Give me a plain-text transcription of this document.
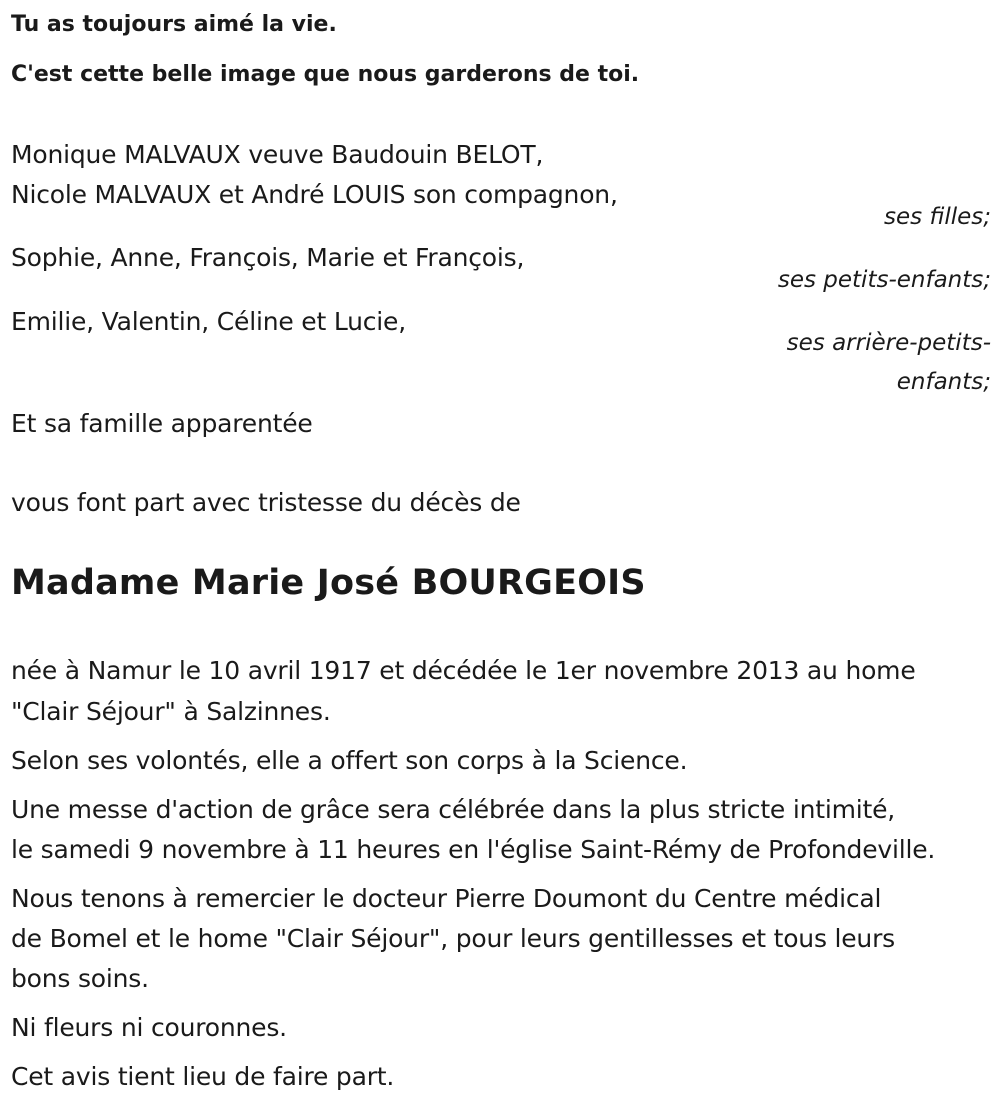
Tu as toujours aimé la vie.
C'est cette belle image que nous garderons de toi.
Monique MALVAUX veuve Baudouin BELOT,
Nicole MALVAUX et André LOUIS son compagnon,
ses filles;
Sophie, Anne, François, Marie et François,
ses petits-enfants;
Emilie, Valentin, Céline et Lucie,
ses arrière-petits-
enfants;
Et sa famille apparentée
vous font part avec tristesse du décès de
Madame Marie José BOURGEOIS
née à Namur le 10 avril 1917 et décédée le 1er novembre 2013 au home
"Clair Séjour" à Salzinnes.
Selon ses volontés, elle a offert son corps à la Science.
Une messe d'action de grâce sera célébrée dans la plus stricte intimité,
le samedi 9 novembre à 11 heures en l'église Saint-Rémy de Profondeville.
Nous tenons à remercier le docteur Pierre Doumont du Centre médical
de Bomel et le home "Clair Séjour", pour leurs gentillesses et tous leurs
bons soins.
Ni fleurs ni couronnes.
Cet avis tient lieu de faire part.
